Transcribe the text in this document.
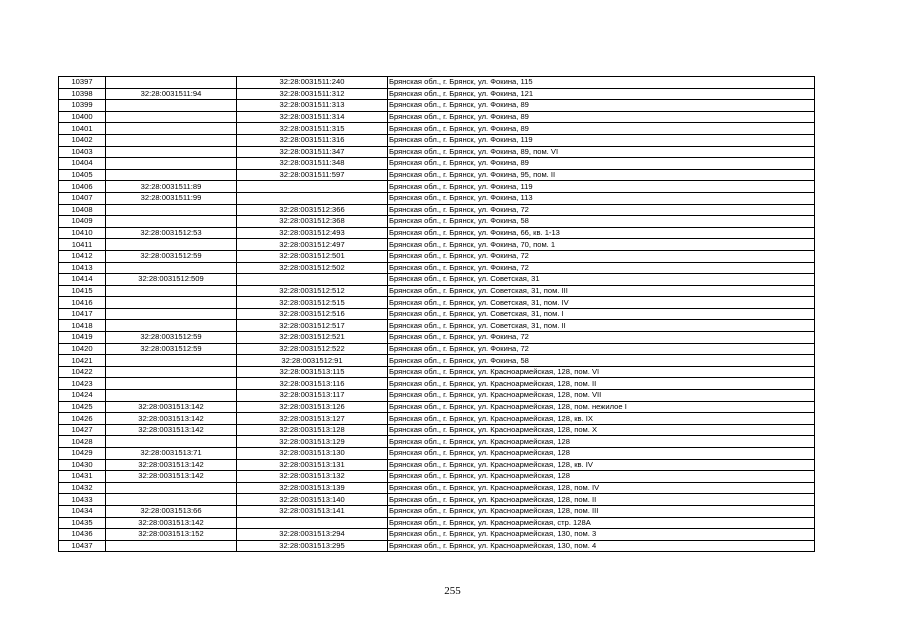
10397		32:28:0031511:240	Брянская обл., г. Брянск, ул. Фокина, 115
10398	32:28:0031511:94	32:28:0031511:312	Брянская обл., г. Брянск, ул. Фокина, 121
10399		32:28:0031511:313	Брянская обл., г. Брянск, ул. Фокина, 89
10400		32:28:0031511:314	Брянская обл., г. Брянск, ул. Фокина, 89
10401		32:28:0031511:315	Брянская обл., г. Брянск, ул. Фокина, 89
10402		32:28:0031511:316	Брянская обл., г. Брянск, ул. Фокина, 119
10403		32:28:0031511:347	Брянская обл., г. Брянск, ул. Фокина, 89, пом. VI
10404		32:28:0031511:348	Брянская обл., г. Брянск, ул. Фокина, 89
10405		32:28:0031511:597	Брянская обл., г. Брянск, ул. Фокина, 95, пом. II
10406	32:28:0031511:89		Брянская обл., г. Брянск, ул. Фокина, 119
10407	32:28:0031511:99		Брянская обл., г. Брянск, ул. Фокина, 113
10408		32:28:0031512:366	Брянская обл., г. Брянск, ул. Фокина, 72
10409		32:28:0031512:368	Брянская обл., г. Брянск, ул. Фокина, 58
10410	32:28:0031512:53	32:28:0031512:493	Брянская обл., г. Брянск, ул. Фокина, 66, кв. 1-13
10411		32:28:0031512:497	Брянская обл., г. Брянск, ул. Фокина, 70, пом. 1
10412	32:28:0031512:59	32:28:0031512:501	Брянская обл., г. Брянск, ул. Фокина, 72
10413		32:28:0031512:502	Брянская обл., г. Брянск, ул. Фокина, 72
10414	32:28:0031512:509		Брянская обл., г. Брянск, ул. Советская, 31
10415		32:28:0031512:512	Брянская обл., г. Брянск, ул. Советская, 31, пом. III
10416		32:28:0031512:515	Брянская обл., г. Брянск, ул. Советская, 31, пом. IV
10417		32:28:0031512:516	Брянская обл., г. Брянск, ул. Советская, 31, пом. I
10418		32:28:0031512:517	Брянская обл., г. Брянск, ул. Советская, 31, пом. II
10419	32:28:0031512:59	32:28:0031512:521	Брянская обл., г. Брянск, ул. Фокина, 72
10420	32:28:0031512:59	32:28:0031512:522	Брянская обл., г. Брянск, ул. Фокина, 72
10421		32:28:0031512:91	Брянская обл., г. Брянск, ул. Фокина, 58
10422		32:28:0031513:115	Брянская обл., г. Брянск, ул. Красноармейская, 128, пом. VI
10423		32:28:0031513:116	Брянская обл., г. Брянск, ул. Красноармейская, 128, пом. II
10424		32:28:0031513:117	Брянская обл., г. Брянск, ул. Красноармейская, 128, пом. VII
10425	32:28:0031513:142	32:28:0031513:126	Брянская обл., г. Брянск, ул. Красноармейская, 128, пом. нежилое I
10426	32:28:0031513:142	32:28:0031513:127	Брянская обл., г. Брянск, ул. Красноармейская, 128, кв. IX
10427	32:28:0031513:142	32:28:0031513:128	Брянская обл., г. Брянск, ул. Красноармейская, 128, пом. X
10428		32:28:0031513:129	Брянская обл., г. Брянск, ул. Красноармейская, 128
10429	32:28:0031513:71	32:28:0031513:130	Брянская обл., г. Брянск, ул. Красноармейская, 128
10430	32:28:0031513:142	32:28:0031513:131	Брянская обл., г. Брянск, ул. Красноармейская, 128, кв. IV
10431	32:28:0031513:142	32:28:0031513:132	Брянская обл., г. Брянск, ул. Красноармейская, 128
10432		32:28:0031513:139	Брянская обл., г. Брянск, ул. Красноармейская, 128, пом. IV
10433		32:28:0031513:140	Брянская обл., г. Брянск, ул. Красноармейская, 128, пом. II
10434	32:28:0031513:66	32:28:0031513:141	Брянская обл., г. Брянск, ул. Красноармейская, 128, пом. III
10435	32:28:0031513:142		Брянская обл., г. Брянск, ул. Красноармейская, стр. 128А
10436	32:28:0031513:152	32:28:0031513:294	Брянская обл., г. Брянск, ул. Красноармейская, 130, пом. 3
10437		32:28:0031513:295	Брянская обл., г. Брянск, ул. Красноармейская, 130, пом. 4
255
